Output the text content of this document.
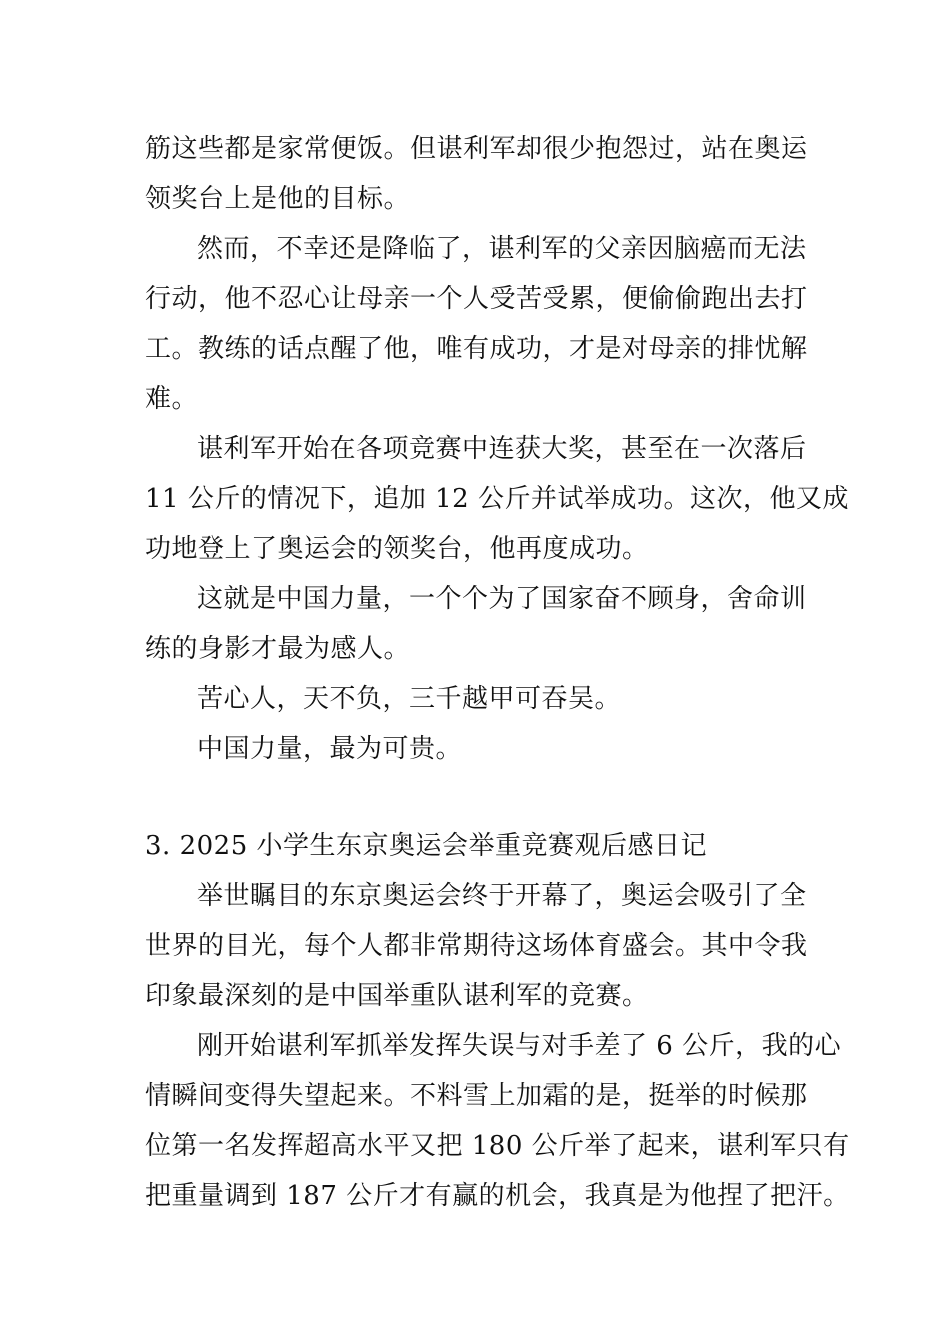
筋这些都是家常便饭。但谌利军却很少抱怨过，站在奥运
领奖台上是他的目标。
然而，不幸还是降临了，谌利军的父亲因脑癌而无法
行动，他不忍心让母亲一个人受苦受累，便偷偷跑出去打
工。教练的话点醒了他，唯有成功，才是对母亲的排忧解
难。
谌利军开始在各项竞赛中连获大奖，甚至在一次落后
11 公斤的情况下，追加 12 公斤并试举成功。这次，他又成
功地登上了奥运会的领奖台，他再度成功。
这就是中国力量，一个个为了国家奋不顾身，舍命训
练的身影才最为感人。
苦心人，天不负，三千越甲可吞吴。
中国力量，最为可贵。
3. 2025 小学生东京奥运会举重竞赛观后感日记
举世瞩目的东京奥运会终于开幕了，奥运会吸引了全
世界的目光，每个人都非常期待这场体育盛会。其中令我
印象最深刻的是中国举重队谌利军的竞赛。
刚开始谌利军抓举发挥失误与对手差了 6 公斤，我的心
情瞬间变得失望起来。不料雪上加霜的是，挺举的时候那
位第一名发挥超高水平又把 180 公斤举了起来，谌利军只有
把重量调到 187 公斤才有赢的机会，我真是为他捏了把汗。
